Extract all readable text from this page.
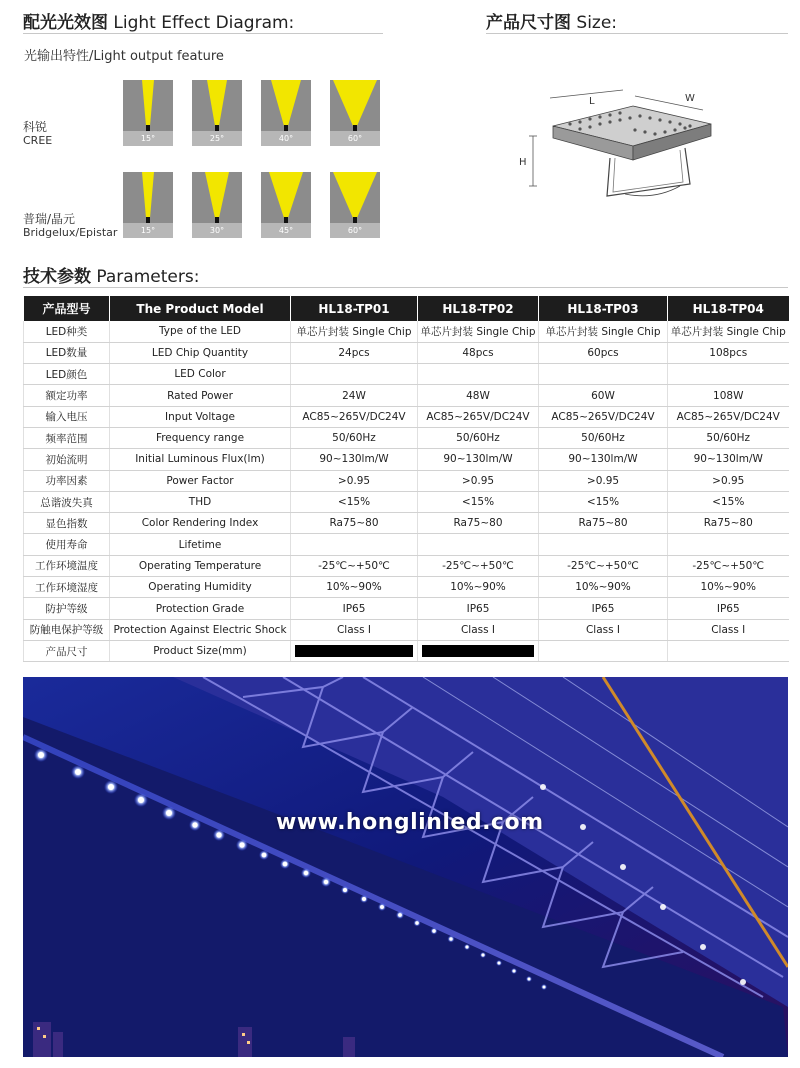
配光光效图 Light Effect Diagram:	产品尺寸图 Size:
光输出特性/Light output feature
科锐
CREE	15°	25°	40°	60°
普瑞/晶元
Bridgelux/Epistar	15°	30°	45°	60°
L	W
H
技术参数 Parameters:
产品型号	The Product Model	HL18-TP01	HL18-TP02	HL18-TP03	HL18-TP04
LED种类	Type of the LED	单芯片封装 Single Chip	单芯片封装 Single Chip	单芯片封装 Single Chip	单芯片封装 Single Chip
LED数量	LED Chip Quantity	24pcs	48pcs	60pcs	108pcs
LED颜色	LED Color				
额定功率	Rated Power	24W	48W	60W	108W
输入电压	Input Voltage	AC85~265V/DC24V	AC85~265V/DC24V	AC85~265V/DC24V	AC85~265V/DC24V
频率范围	Frequency range	50/60Hz	50/60Hz	50/60Hz	50/60Hz
初始流明	Initial Luminous Flux(lm)	90~130lm/W	90~130lm/W	90~130lm/W	90~130lm/W
功率因素	Power Factor	>0.95	>0.95	>0.95	>0.95
总谐波失真	THD	<15%	<15%	<15%	<15%
显色指数	Color Rendering Index	Ra75~80	Ra75~80	Ra75~80	Ra75~80
使用寿命	Lifetime				
工作环境温度	Operating Temperature	-25℃~+50℃	-25℃~+50℃	-25℃~+50℃	-25℃~+50℃
工作环境湿度	Operating Humidity	10%~90%	10%~90%	10%~90%	10%~90%
防护等级	Protection Grade	IP65	IP65	IP65	IP65
防触电保护等级	Protection Against Electric Shock	Class I	Class I	Class I	Class I
产品尺寸	Product Size(mm)				
www.honglinled.com
